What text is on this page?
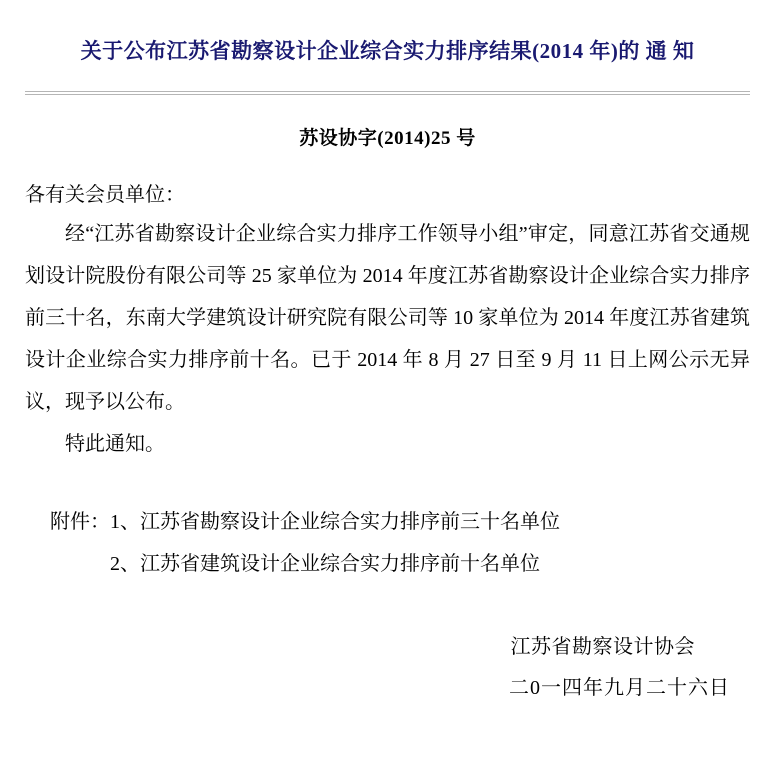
关于公布江苏省勘察设计企业综合实力排序结果(2014 年)的 通 知
苏设协字(2014)25 号

各有关会员单位：

经“江苏省勘察设计企业综合实力排序工作领导小组”审定，同意江苏省交通规划设计院股份有限公司等 25 家单位为 2014 年度江苏省勘察设计企业综合实力排序前三十名，东南大学建筑设计研究院有限公司等 10 家单位为 2014 年度江苏省建筑设计企业综合实力排序前十名。已于 2014 年 8 月 27 日至 9 月 11 日上网公示无异议，现予以公布。

特此通知。

附件：1、江苏省勘察设计企业综合实力排序前三十名单位

2、江苏省建筑设计企业综合实力排序前十名单位

江苏省勘察设计协会

二0一四年九月二十六日
